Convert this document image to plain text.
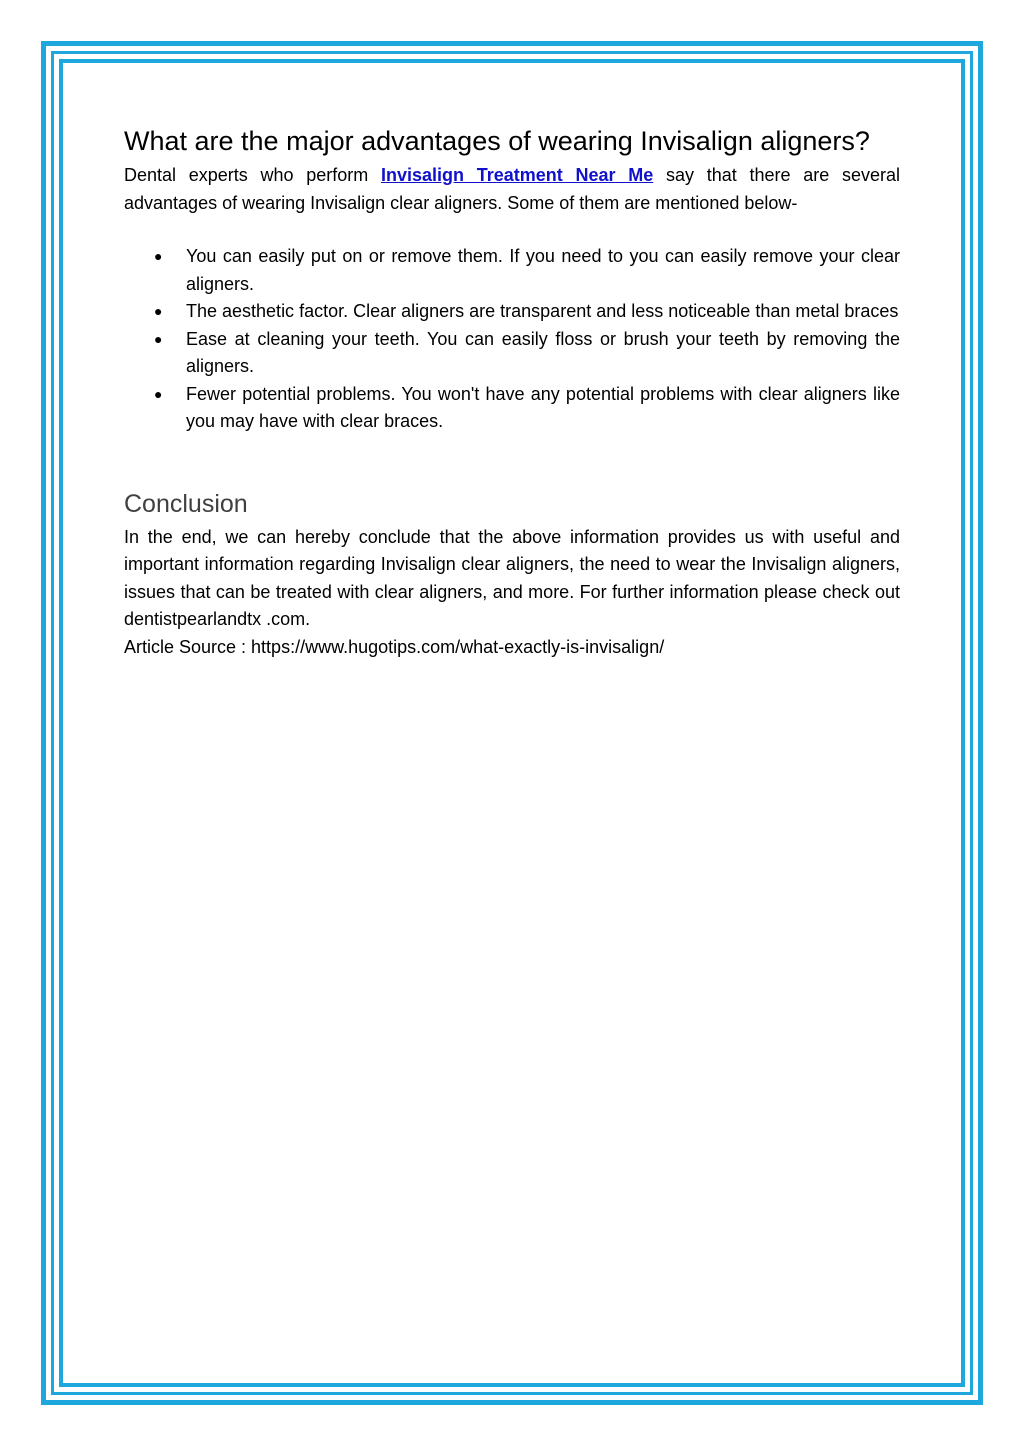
What are the major advantages of wearing Invisalign aligners?

Dental experts who perform Invisalign Treatment Near Me say that there are several advantages of wearing Invisalign clear aligners. Some of them are mentioned below-

● You can easily put on or remove them. If you need to you can easily remove your clear aligners.
● The aesthetic factor. Clear aligners are transparent and less noticeable than metal braces
● Ease at cleaning your teeth. You can easily floss or brush your teeth by removing the aligners.
● Fewer potential problems. You won't have any potential problems with clear aligners like you may have with clear braces.
Conclusion

In the end, we can hereby conclude that the above information provides us with useful and important information regarding Invisalign clear aligners, the need to wear the Invisalign aligners, issues that can be treated with clear aligners, and more. For further information please check out dentistpearlandtx .com.

Article Source : https://www.hugotips.com/what-exactly-is-invisalign/
